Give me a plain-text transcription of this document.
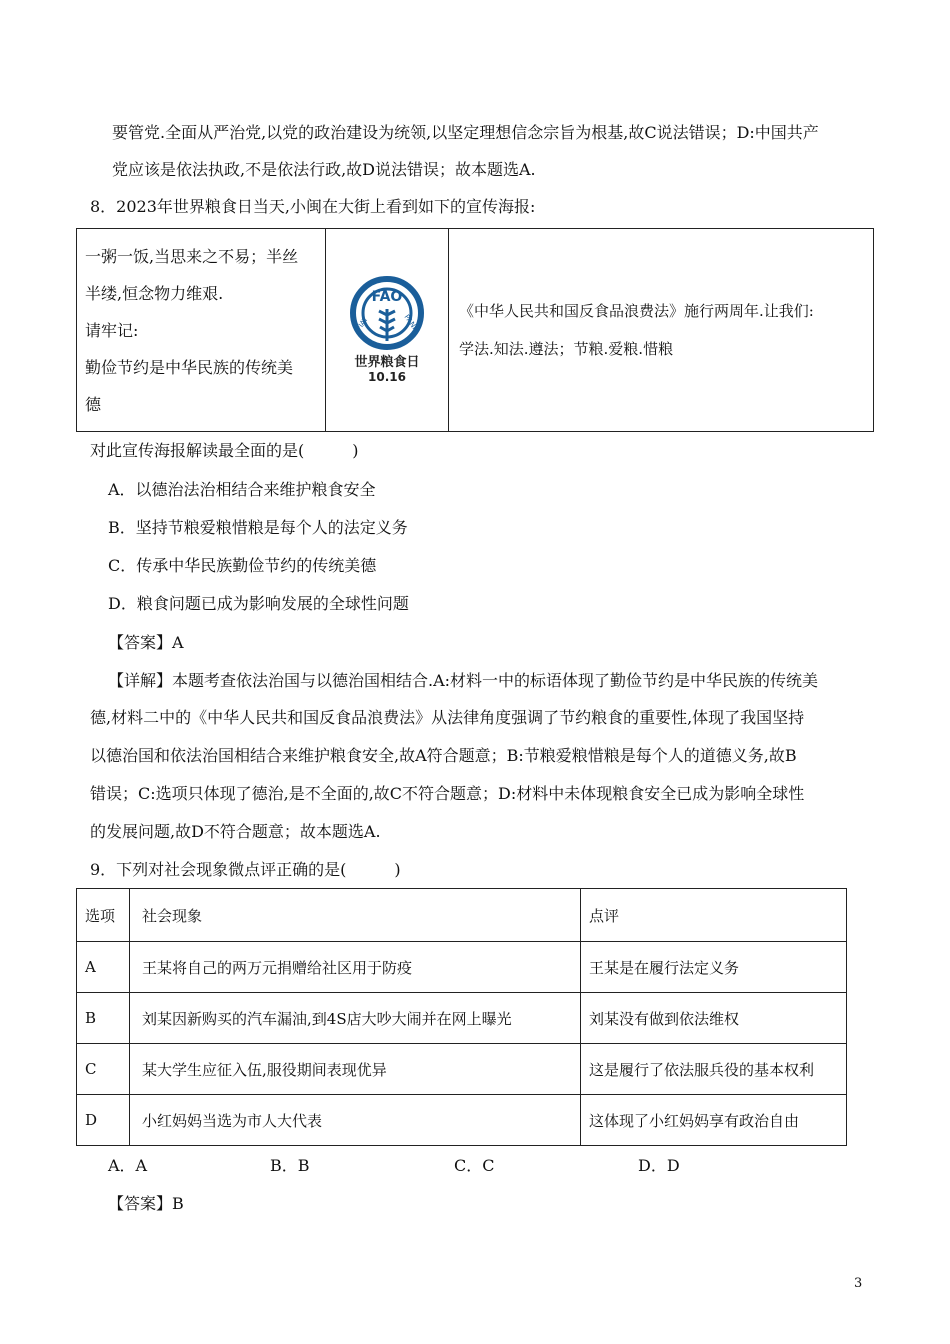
要管党.全面从严治党,以党的政治建设为统领,以坚定理想信念宗旨为根基,故C说法错误；D:中国共产
党应该是依法执政,不是依法行政,故D说法错误；故本题选A.
8．2023年世界粮食日当天,小闽在大街上看到如下的宣传海报:
一粥一饭,当思来之不易；半丝
半缕,恒念物力维艰.
请牢记:
勤俭节约是中华民族的传统美
德

FAO
FIAT	PANIS
世界粮食日
10.16

《中华人民共和国反食品浪费法》施行两周年.让我们:
学法.知法.遵法；节粮.爱粮.惜粮
对此宣传海报解读最全面的是(　　　)
A．以德治法治相结合来维护粮食安全
B．坚持节粮爱粮惜粮是每个人的法定义务
C．传承中华民族勤俭节约的传统美德
D．粮食问题已成为影响发展的全球性问题
【答案】A
【详解】本题考查依法治国与以德治国相结合.A:材料一中的标语体现了勤俭节约是中华民族的传统美
德,材料二中的《中华人民共和国反食品浪费法》从法律角度强调了节约粮食的重要性,体现了我国坚持
以德治国和依法治国相结合来维护粮食安全,故A符合题意；B:节粮爱粮惜粮是每个人的道德义务,故B
错误；C:选项只体现了德治,是不全面的,故C不符合题意；D:材料中未体现粮食安全已成为影响全球性
的发展问题,故D不符合题意；故本题选A.
9．下列对社会现象微点评正确的是(　　　)
选项	社会现象	点评
A	王某将自己的两万元捐赠给社区用于防疫	王某是在履行法定义务
B	刘某因新购买的汽车漏油,到4S店大吵大闹并在网上曝光	刘某没有做到依法维权
C	某大学生应征入伍,服役期间表现优异	这是履行了依法服兵役的基本权利
D	小红妈妈当选为市人大代表	这体现了小红妈妈享有政治自由
A．A	B．B	C．C	D．D
【答案】B
3
